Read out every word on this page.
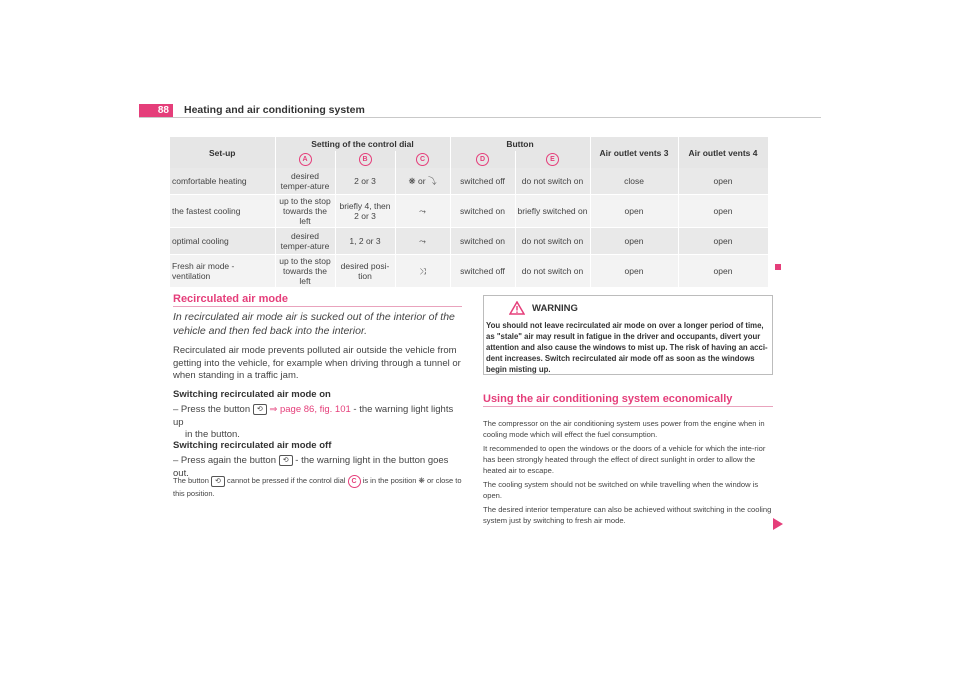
88	Heating and air conditioning system
Set-up	Setting of the control dial			Button		Air outlet vents 3	Air outlet vents 4
	A	B	C	D	E		
comfortable heating	desired temper-ature	2 or 3	❋ or ⤵	switched off	do not switch on	close	open
the fastest cooling	up to the stop towards the left	briefly 4, then 2 or 3	⤳	switched on	briefly switched on	open	open
optimal cooling	desired temper-ature	1, 2 or 3	⤳	switched on	do not switch on	open	open
Fresh air mode - ventilation	up to the stop towards the left	desired posi-tion	⤨	switched off	do not switch on	open	open
Recirculated air mode
In recirculated air mode air is sucked out of the interior of the vehicle and then fed back into the interior.
Recirculated air mode prevents polluted air outside the vehicle from getting into the vehicle, for example when driving through a tunnel or when standing in a traffic jam.
Switching recirculated air mode on
– Press the button ⟲ ⇒ page 86, fig. 101 - the warning light lights up
in the button.
Switching recirculated air mode off
– Press again the button ⟲ - the warning light in the button goes out.
The button ⟲ cannot be pressed if the control dial C is in the position ❋ or close to this position.
WARNING
You should not leave recirculated air mode on over a longer period of time, as "stale" air may result in fatigue in the driver and occupants, divert your attention and also cause the windows to mist up. The risk of having an acci-dent increases. Switch recirculated air mode off as soon as the windows begin misting up.
Using the air conditioning system economically
The compressor on the air conditioning system uses power from the engine when in cooling mode which will effect the fuel consumption.
It recommended to open the windows or the doors of a vehicle for which the inte-rior has been strongly heated through the effect of direct sunlight in order to allow the heated air to escape.
The cooling system should not be switched on while travelling when the window is open.
The desired interior temperature can also be achieved without switching in the cooling system just by switching to fresh air mode.
